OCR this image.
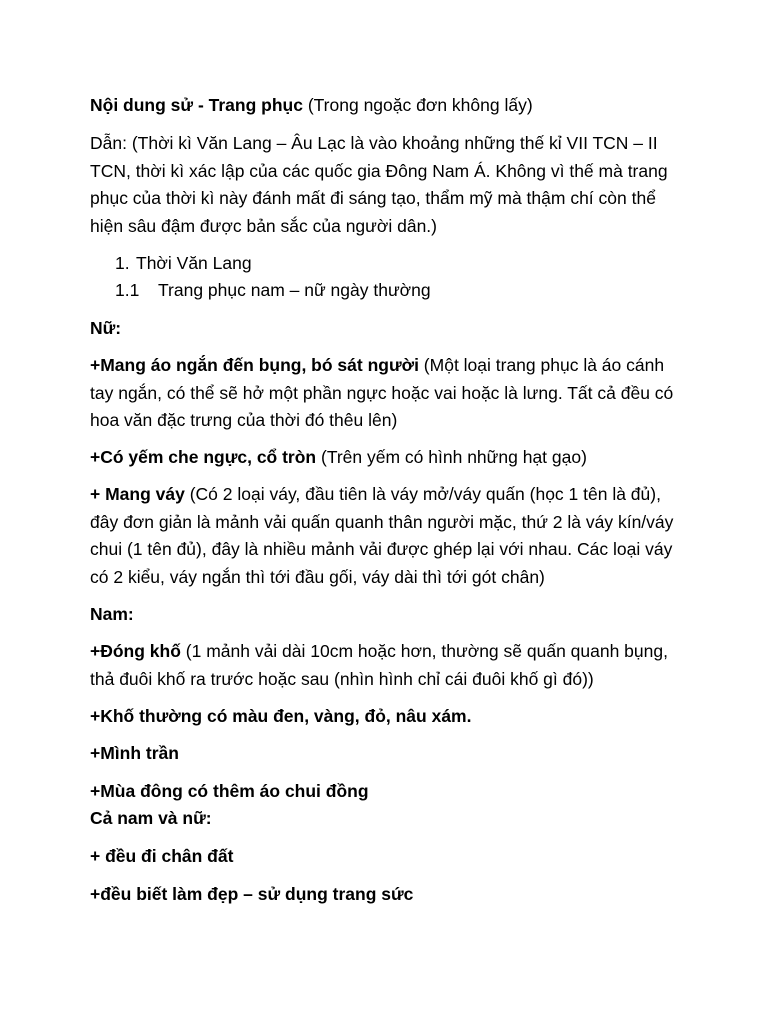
Nội dung sử - Trang phục (Trong ngoặc đơn không lấy)

Dẫn: (Thời kì Văn Lang – Âu Lạc là vào khoảng những thế kỉ VII TCN – II TCN, thời kì xác lập của các quốc gia Đông Nam Á. Không vì thế mà trang phục của thời kì này đánh mất đi sáng tạo, thẩm mỹ mà thậm chí còn thể hiện sâu đậm được bản sắc của người dân.)

1. Thời Văn Lang
1.1 Trang phục nam – nữ ngày thường

Nữ:

+Mang áo ngắn đến bụng, bó sát người (Một loại trang phục là áo cánh tay ngắn, có thể sẽ hở một phần ngực hoặc vai hoặc là lưng. Tất cả đều có hoa văn đặc trưng của thời đó thêu lên)

+Có yếm che ngực, cổ tròn (Trên yếm có hình những hạt gạo)

+ Mang váy (Có 2 loại váy, đầu tiên là váy mở/váy quấn (học 1 tên là đủ), đây đơn giản là mảnh vải quấn quanh thân người mặc, thứ 2 là váy kín/váy chui (1 tên đủ), đây là nhiều mảnh vải được ghép lại với nhau. Các loại váy có 2 kiểu, váy ngắn thì tới đầu gối, váy dài thì tới gót chân)

Nam:

+Đóng khố (1 mảnh vải dài 10cm hoặc hơn, thường sẽ quấn quanh bụng, thả đuôi khố ra trước hoặc sau (nhìn hình chỉ cái đuôi khố gì đó))

+Khố thường có màu đen, vàng, đỏ, nâu xám.

+Mình trần

+Mùa đông có thêm áo chui đồng

Cả nam và nữ:

+ đều đi chân đất

+đều biết làm đẹp – sử dụng trang sức
